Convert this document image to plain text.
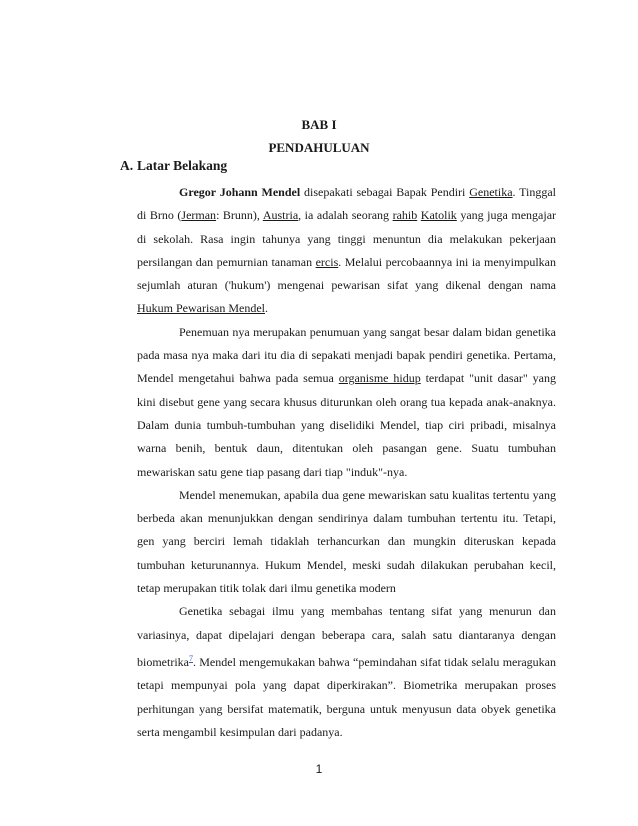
BAB I
PENDAHULUAN
A. Latar Belakang

Gregor Johann Mendel disepakati sebagai Bapak Pendiri Genetika. Tinggal di Brno (Jerman: Brunn), Austria, ia adalah seorang rahib Katolik yang juga mengajar di sekolah. Rasa ingin tahunya yang tinggi menuntun dia melakukan pekerjaan persilangan dan pemurnian tanaman ercis. Melalui percobaannya ini ia menyimpulkan sejumlah aturan ('hukum') mengenai pewarisan sifat yang dikenal dengan nama Hukum Pewarisan Mendel.

Penemuan nya merupakan penumuan yang sangat besar dalam bidan genetika pada masa nya maka dari itu dia di sepakati menjadi bapak pendiri genetika. Pertama, Mendel mengetahui bahwa pada semua organisme hidup terdapat "unit dasar" yang kini disebut gene yang secara khusus diturunkan oleh orang tua kepada anak-anaknya. Dalam dunia tumbuh-tumbuhan yang diselidiki Mendel, tiap ciri pribadi, misalnya warna benih, bentuk daun, ditentukan oleh pasangan gene. Suatu tumbuhan mewariskan satu gene tiap pasang dari tiap "induk"-nya.

Mendel menemukan, apabila dua gene mewariskan satu kualitas tertentu yang berbeda akan menunjukkan dengan sendirinya dalam tumbuhan tertentu itu. Tetapi, gen yang berciri lemah tidaklah terhancurkan dan mungkin diteruskan kepada tumbuhan keturunannya. Hukum Mendel, meski sudah dilakukan perubahan kecil, tetap merupakan titik tolak dari ilmu genetika modern

Genetika sebagai ilmu yang membahas tentang sifat yang menurun dan variasinya, dapat dipelajari dengan beberapa cara, salah satu diantaranya dengan biometrika$^7$. Mendel mengemukakan bahwa “pemindahan sifat tidak selalu meragukan tetapi mempunyai pola yang dapat diperkirakan”. Biometrika merupakan proses perhitungan yang bersifat matematik, berguna untuk menyusun data obyek genetika serta mengambil kesimpulan dari padanya.

1
